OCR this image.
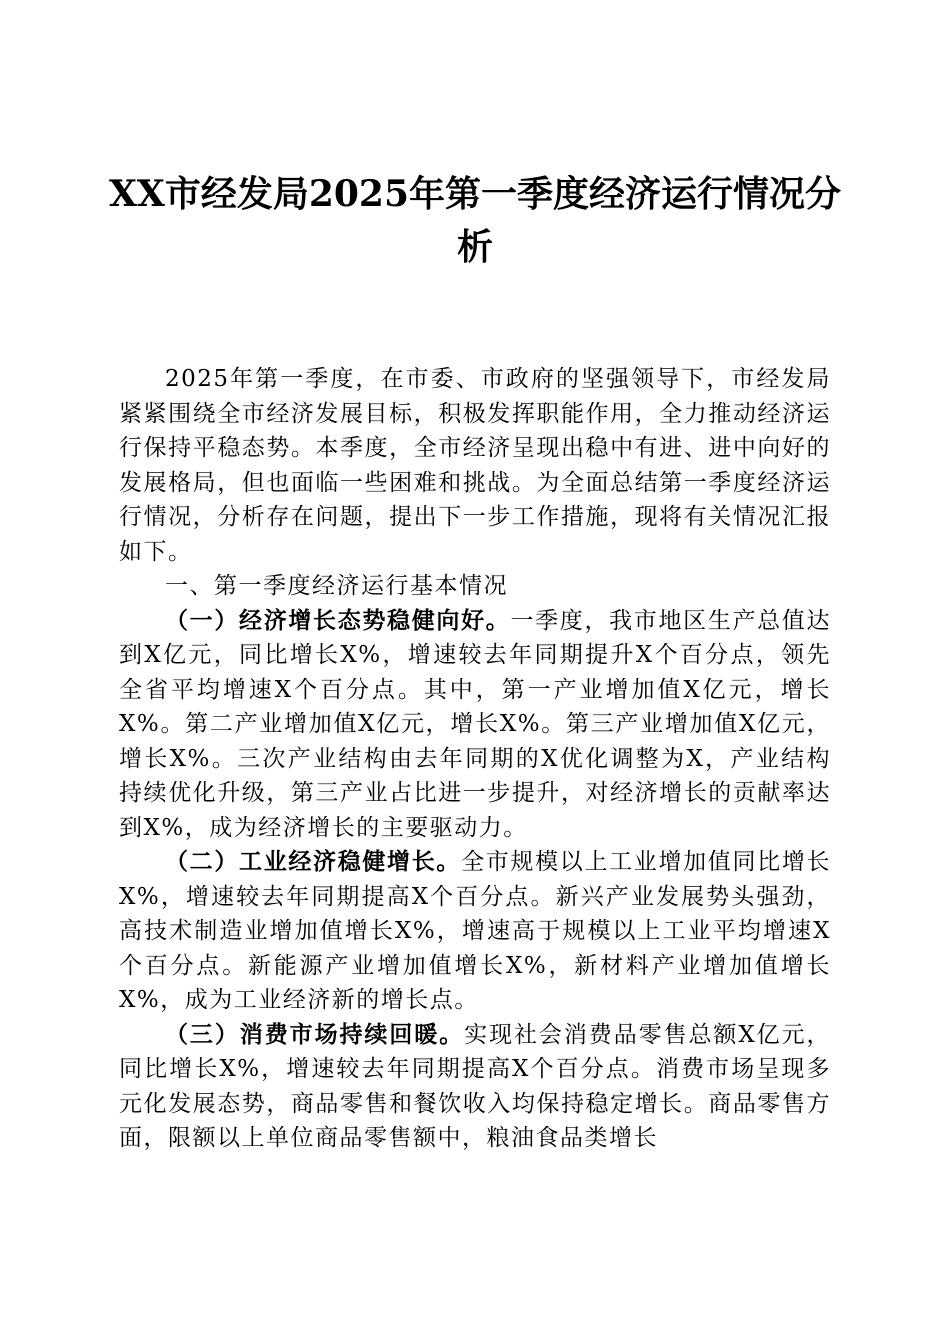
XX市经发局2025年第一季度经济运行情况分
析

2025年第一季度，在市委、市政府的坚强领导下，市经发局紧紧围绕全市经济发展目标，积极发挥职能作用，全力推动经济运行保持平稳态势。本季度，全市经济呈现出稳中有进、进中向好的发展格局，但也面临一些困难和挑战。为全面总结第一季度经济运行情况，分析存在问题，提出下一步工作措施，现将有关情况汇报如下。

一、第一季度经济运行基本情况

（一）经济增长态势稳健向好。一季度，我市地区生产总值达到X亿元，同比增长X%，增速较去年同期提升X个百分点，领先全省平均增速X个百分点。其中，第一产业增加值X亿元，增长X%。第二产业增加值X亿元，增长X%。第三产业增加值X亿元，增长X%。三次产业结构由去年同期的X优化调整为X，产业结构持续优化升级，第三产业占比进一步提升，对经济增长的贡献率达到X%，成为经济增长的主要驱动力。

（二）工业经济稳健增长。全市规模以上工业增加值同比增长X%，增速较去年同期提高X个百分点。新兴产业发展势头强劲，高技术制造业增加值增长X%，增速高于规模以上工业平均增速X个百分点。新能源产业增加值增长X%，新材料产业增加值增长X%，成为工业经济新的增长点。

（三）消费市场持续回暖。实现社会消费品零售总额X亿元，同比增长X%，增速较去年同期提高X个百分点。消费市场呈现多元化发展态势，商品零售和餐饮收入均保持稳定增长。商品零售方面，限额以上单位商品零售额中，粮油食品类增长
